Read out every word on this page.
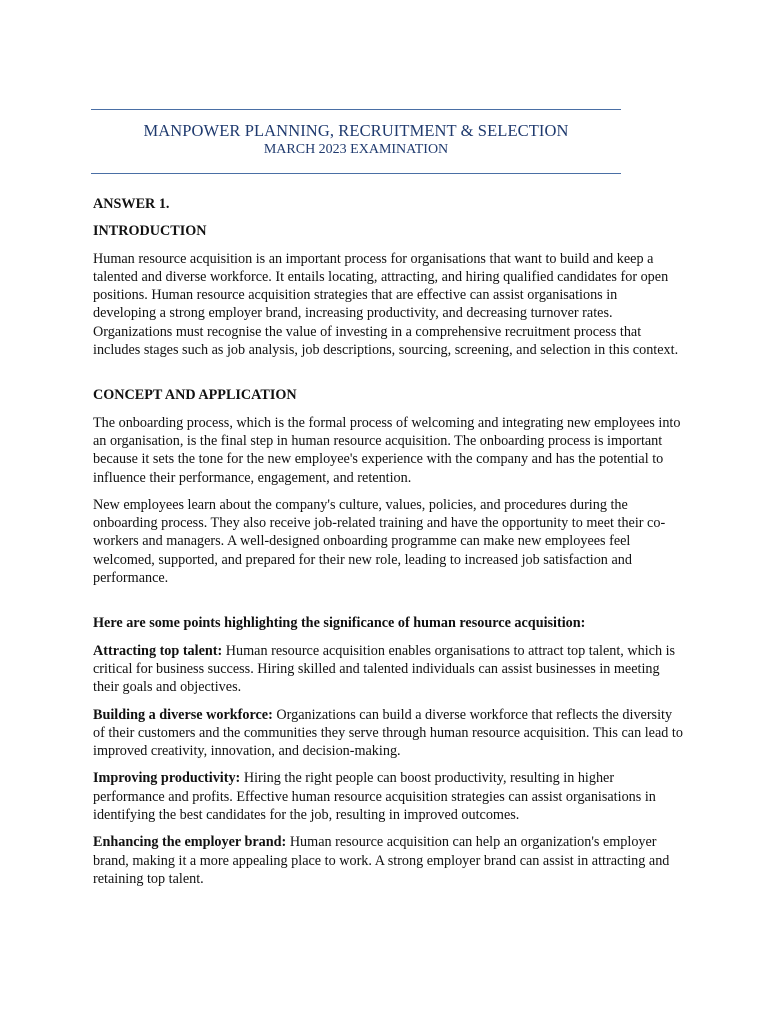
MANPOWER PLANNING, RECRUITMENT & SELECTION
MARCH 2023 EXAMINATION

ANSWER 1.

INTRODUCTION

Human resource acquisition is an important process for organisations that want to build and keep a talented and diverse workforce. It entails locating, attracting, and hiring qualified candidates for open positions. Human resource acquisition strategies that are effective can assist organisations in developing a strong employer brand, increasing productivity, and decreasing turnover rates. Organizations must recognise the value of investing in a comprehensive recruitment process that includes stages such as job analysis, job descriptions, sourcing, screening, and selection in this context.

CONCEPT AND APPLICATION

The onboarding process, which is the formal process of welcoming and integrating new employees into an organisation, is the final step in human resource acquisition. The onboarding process is important because it sets the tone for the new employee's experience with the company and has the potential to influence their performance, engagement, and retention.

New employees learn about the company's culture, values, policies, and procedures during the onboarding process. They also receive job-related training and have the opportunity to meet their co-workers and managers. A well-designed onboarding programme can make new employees feel welcomed, supported, and prepared for their new role, leading to increased job satisfaction and performance.

Here are some points highlighting the significance of human resource acquisition:

Attracting top talent: Human resource acquisition enables organisations to attract top talent, which is critical for business success. Hiring skilled and talented individuals can assist businesses in meeting their goals and objectives.

Building a diverse workforce: Organizations can build a diverse workforce that reflects the diversity of their customers and the communities they serve through human resource acquisition. This can lead to improved creativity, innovation, and decision-making.

Improving productivity: Hiring the right people can boost productivity, resulting in higher performance and profits. Effective human resource acquisition strategies can assist organisations in identifying the best candidates for the job, resulting in improved outcomes.

Enhancing the employer brand: Human resource acquisition can help an organization's employer brand, making it a more appealing place to work. A strong employer brand can assist in attracting and retaining top talent.
